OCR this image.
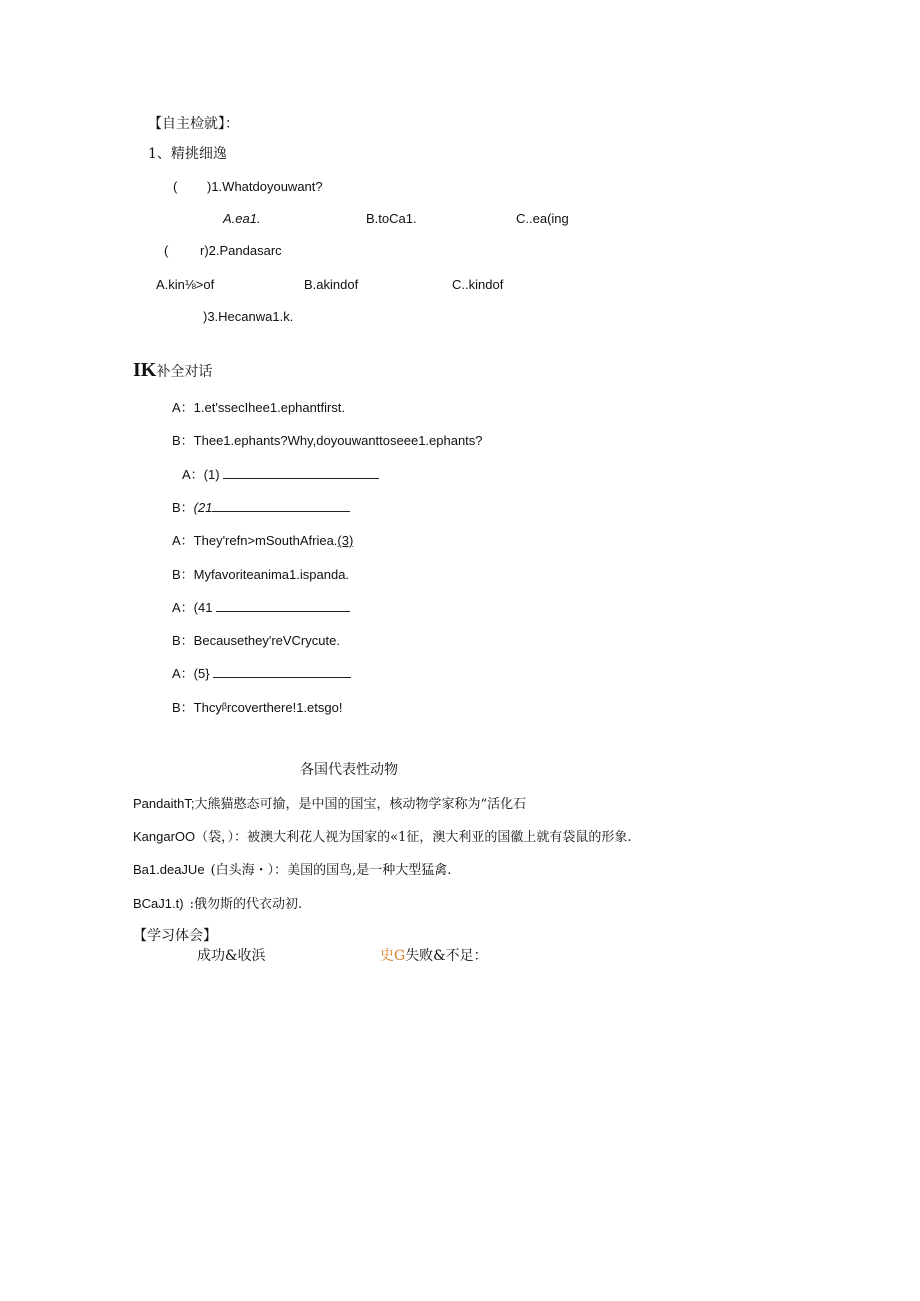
【自主检就】：
1、精挑细逸
( )1.Whatdoyouwant?
A.ea1.	B.toCa1.	C..ea(ing
( r)2.Pandasarc
A.kin⅛>of	B.akindof	C..kindof
)3.Hecanwa1.k.
IK补全对话
A：1.et'ssecIhee1.ephantfirst.
B：Thee1.ephants?Why,doyouwanttoseee1.ephants?
A：(1)
B：(21
A：They'refn>mSouthAfriea.(3)
B：Myfavoriteanima1.ispanda.
A：(41
B：Becausethey'reVCrycute.
A：(5}
B：Thcyᵝrcoverthere!1.etsgo!
各国代表性动物
PandaithT;大熊猫憨态可揄，是中国的国宝，核动物学家称为“活化石
KangarOO（袋，）：被澳大利花人视为国家的«1征，澳大利亚的国徽上就有袋鼠的形象.
Ba1.deaJUe (白头海・）：美国的国鸟,是一种大型猛禽.
BCaJ1.t) :俄勿斯的代衣动初.
【学习体会】
成功&收浜	史G失败&不足：
